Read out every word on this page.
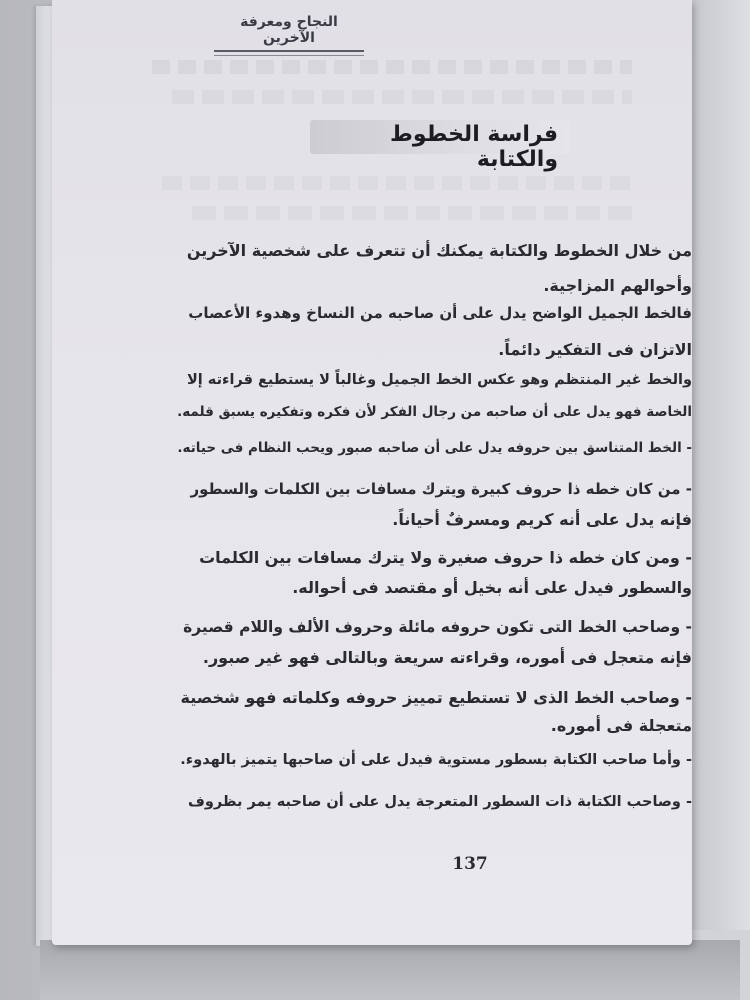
النجاح ومعرفة الآخرين
فراسة الخطوط والكتابة
137
من خلال الخطوط والكتابة يمكنك أن تتعرف على شخصية الآخرين
وأحوالهم المزاجية.
فالخط الجميل الواضح يدل على أن صاحبه من النساخ وهدوء الأعصاب
الاتزان فى التفكير دائماً.
والخط غير المنتظم وهو عكس الخط الجميل وغالباً لا يستطيع قراءته إلا
الخاصة فهو يدل على أن صاحبه من رجال الفكر لأن فكره وتفكيره يسبق قلمه.
- الخط المتناسق بين حروفه يدل على أن صاحبه صبور ويحب النظام فى حياته.
- من كان خطه ذا حروف كبيرة ويترك مسافات بين الكلمات والسطور
فإنه يدل على أنه كريم ومسرفٌ أحياناً.
- ومن كان خطه ذا حروف صغيرة ولا يترك مسافات بين الكلمات
والسطور فيدل على أنه بخيل أو مقتصد فى أحواله.
- وصاحب الخط التى تكون حروفه مائلة وحروف الألف واللام قصيرة
فإنه متعجل فى أموره، وقراءته سريعة وبالتالى فهو غير صبور.
- وصاحب الخط الذى لا تستطيع تمييز حروفه وكلماته فهو شخصية
متعجلة فى أموره.
- وأما صاحب الكتابة بسطور مستوية فيدل على أن صاحبها يتميز بالهدوء.
- وصاحب الكتابة ذات السطور المتعرجة يدل على أن صاحبه يمر بظروف
